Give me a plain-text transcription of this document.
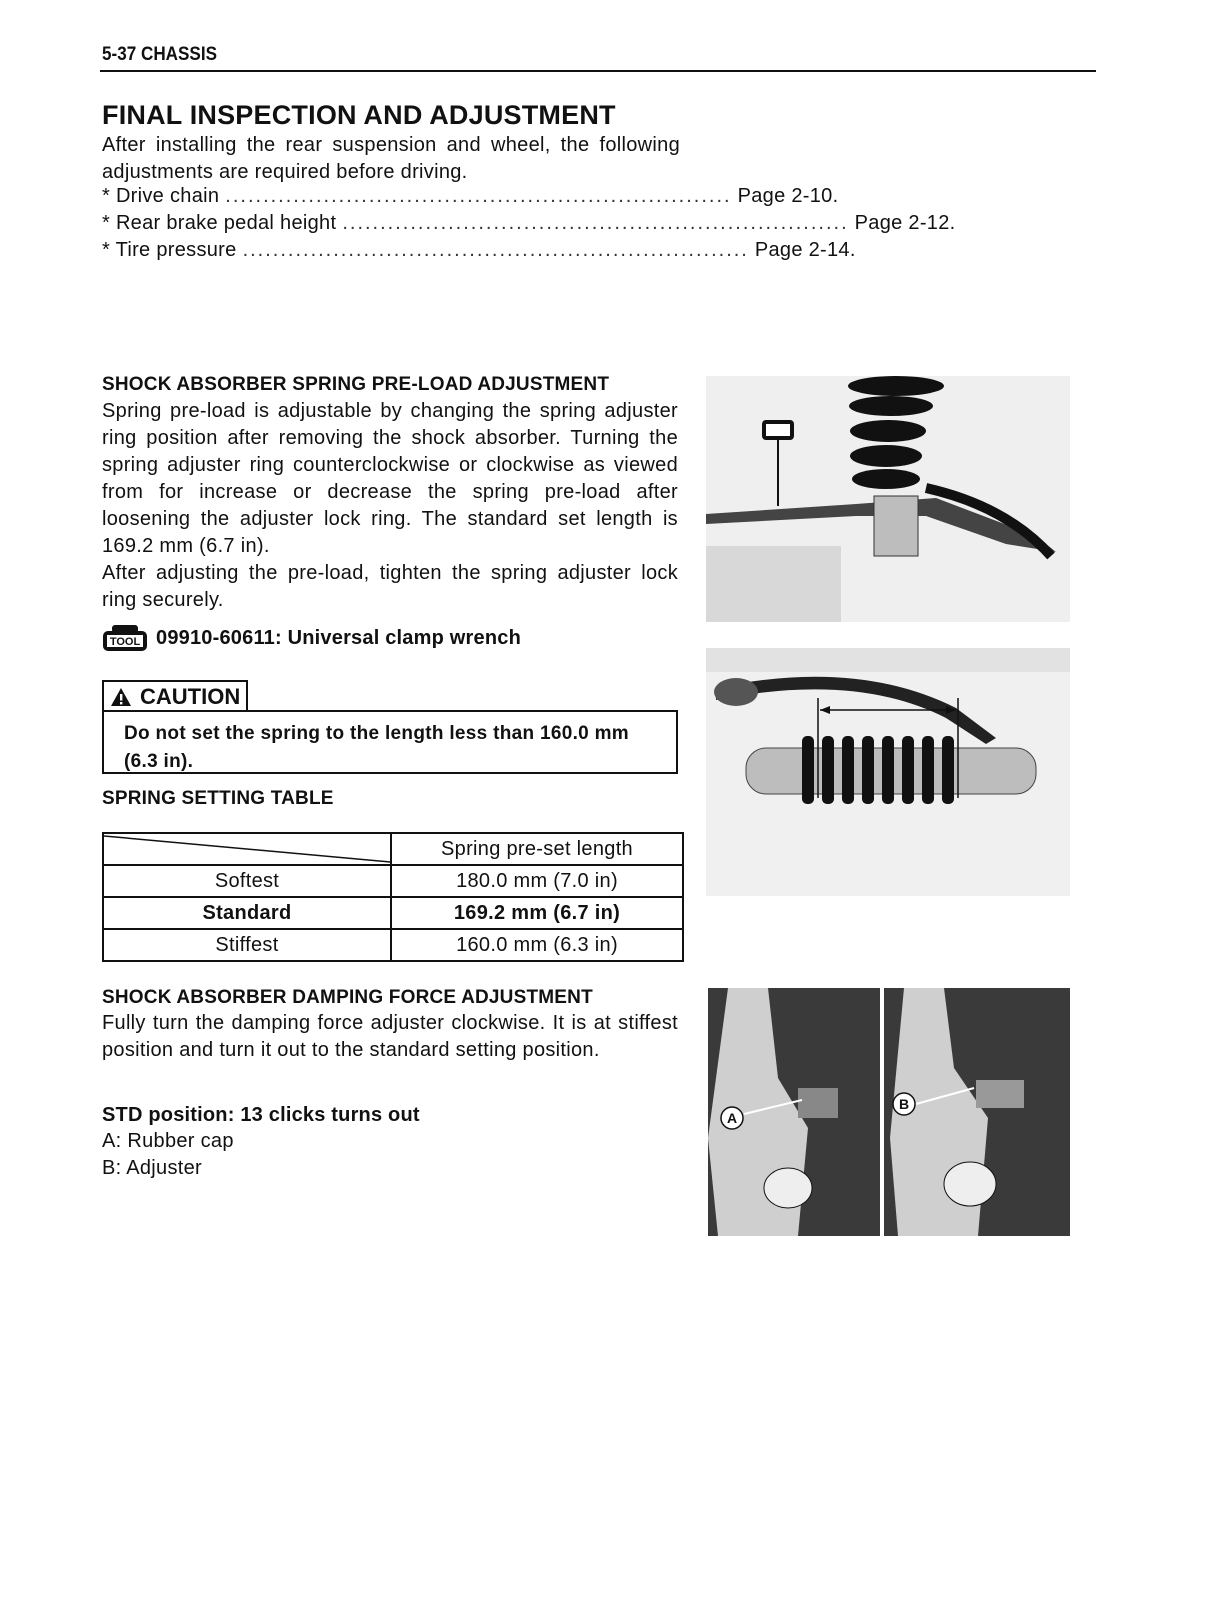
5-37 CHASSIS
FINAL INSPECTION AND ADJUSTMENT
After installing the rear suspension and wheel, the following adjustments are required before driving.
* Drive chain ................................................................... Page 2-10.
* Rear brake pedal height ................................................................... Page 2-12.
* Tire pressure ................................................................... Page 2-14.
SHOCK ABSORBER SPRING PRE-LOAD ADJUSTMENT
Spring pre-load is adjustable by changing the spring adjuster ring position after removing the shock absorber. Turning the spring adjuster ring counterclockwise or clockwise as viewed from for increase or decrease the spring pre-load after loosening the adjuster lock ring. The standard set length is 169.2 mm (6.7 in).
After adjusting the pre-load, tighten the spring adjuster lock ring securely.
TOOL 09910-60611: Universal clamp wrench
CAUTION
Do not set the spring to the length less than 160.0 mm (6.3 in).
SPRING SETTING TABLE
	Spring pre-set length
Softest	180.0 mm (7.0 in)
Standard	169.2 mm (6.7 in)
Stiffest	160.0 mm (6.3 in)
SHOCK ABSORBER DAMPING FORCE ADJUSTMENT
Fully turn the damping force adjuster clockwise. It is at stiffest position and turn it out to the standard setting position.
STD position: 13 clicks turns out
A: Rubber cap
B: Adjuster
A
B
